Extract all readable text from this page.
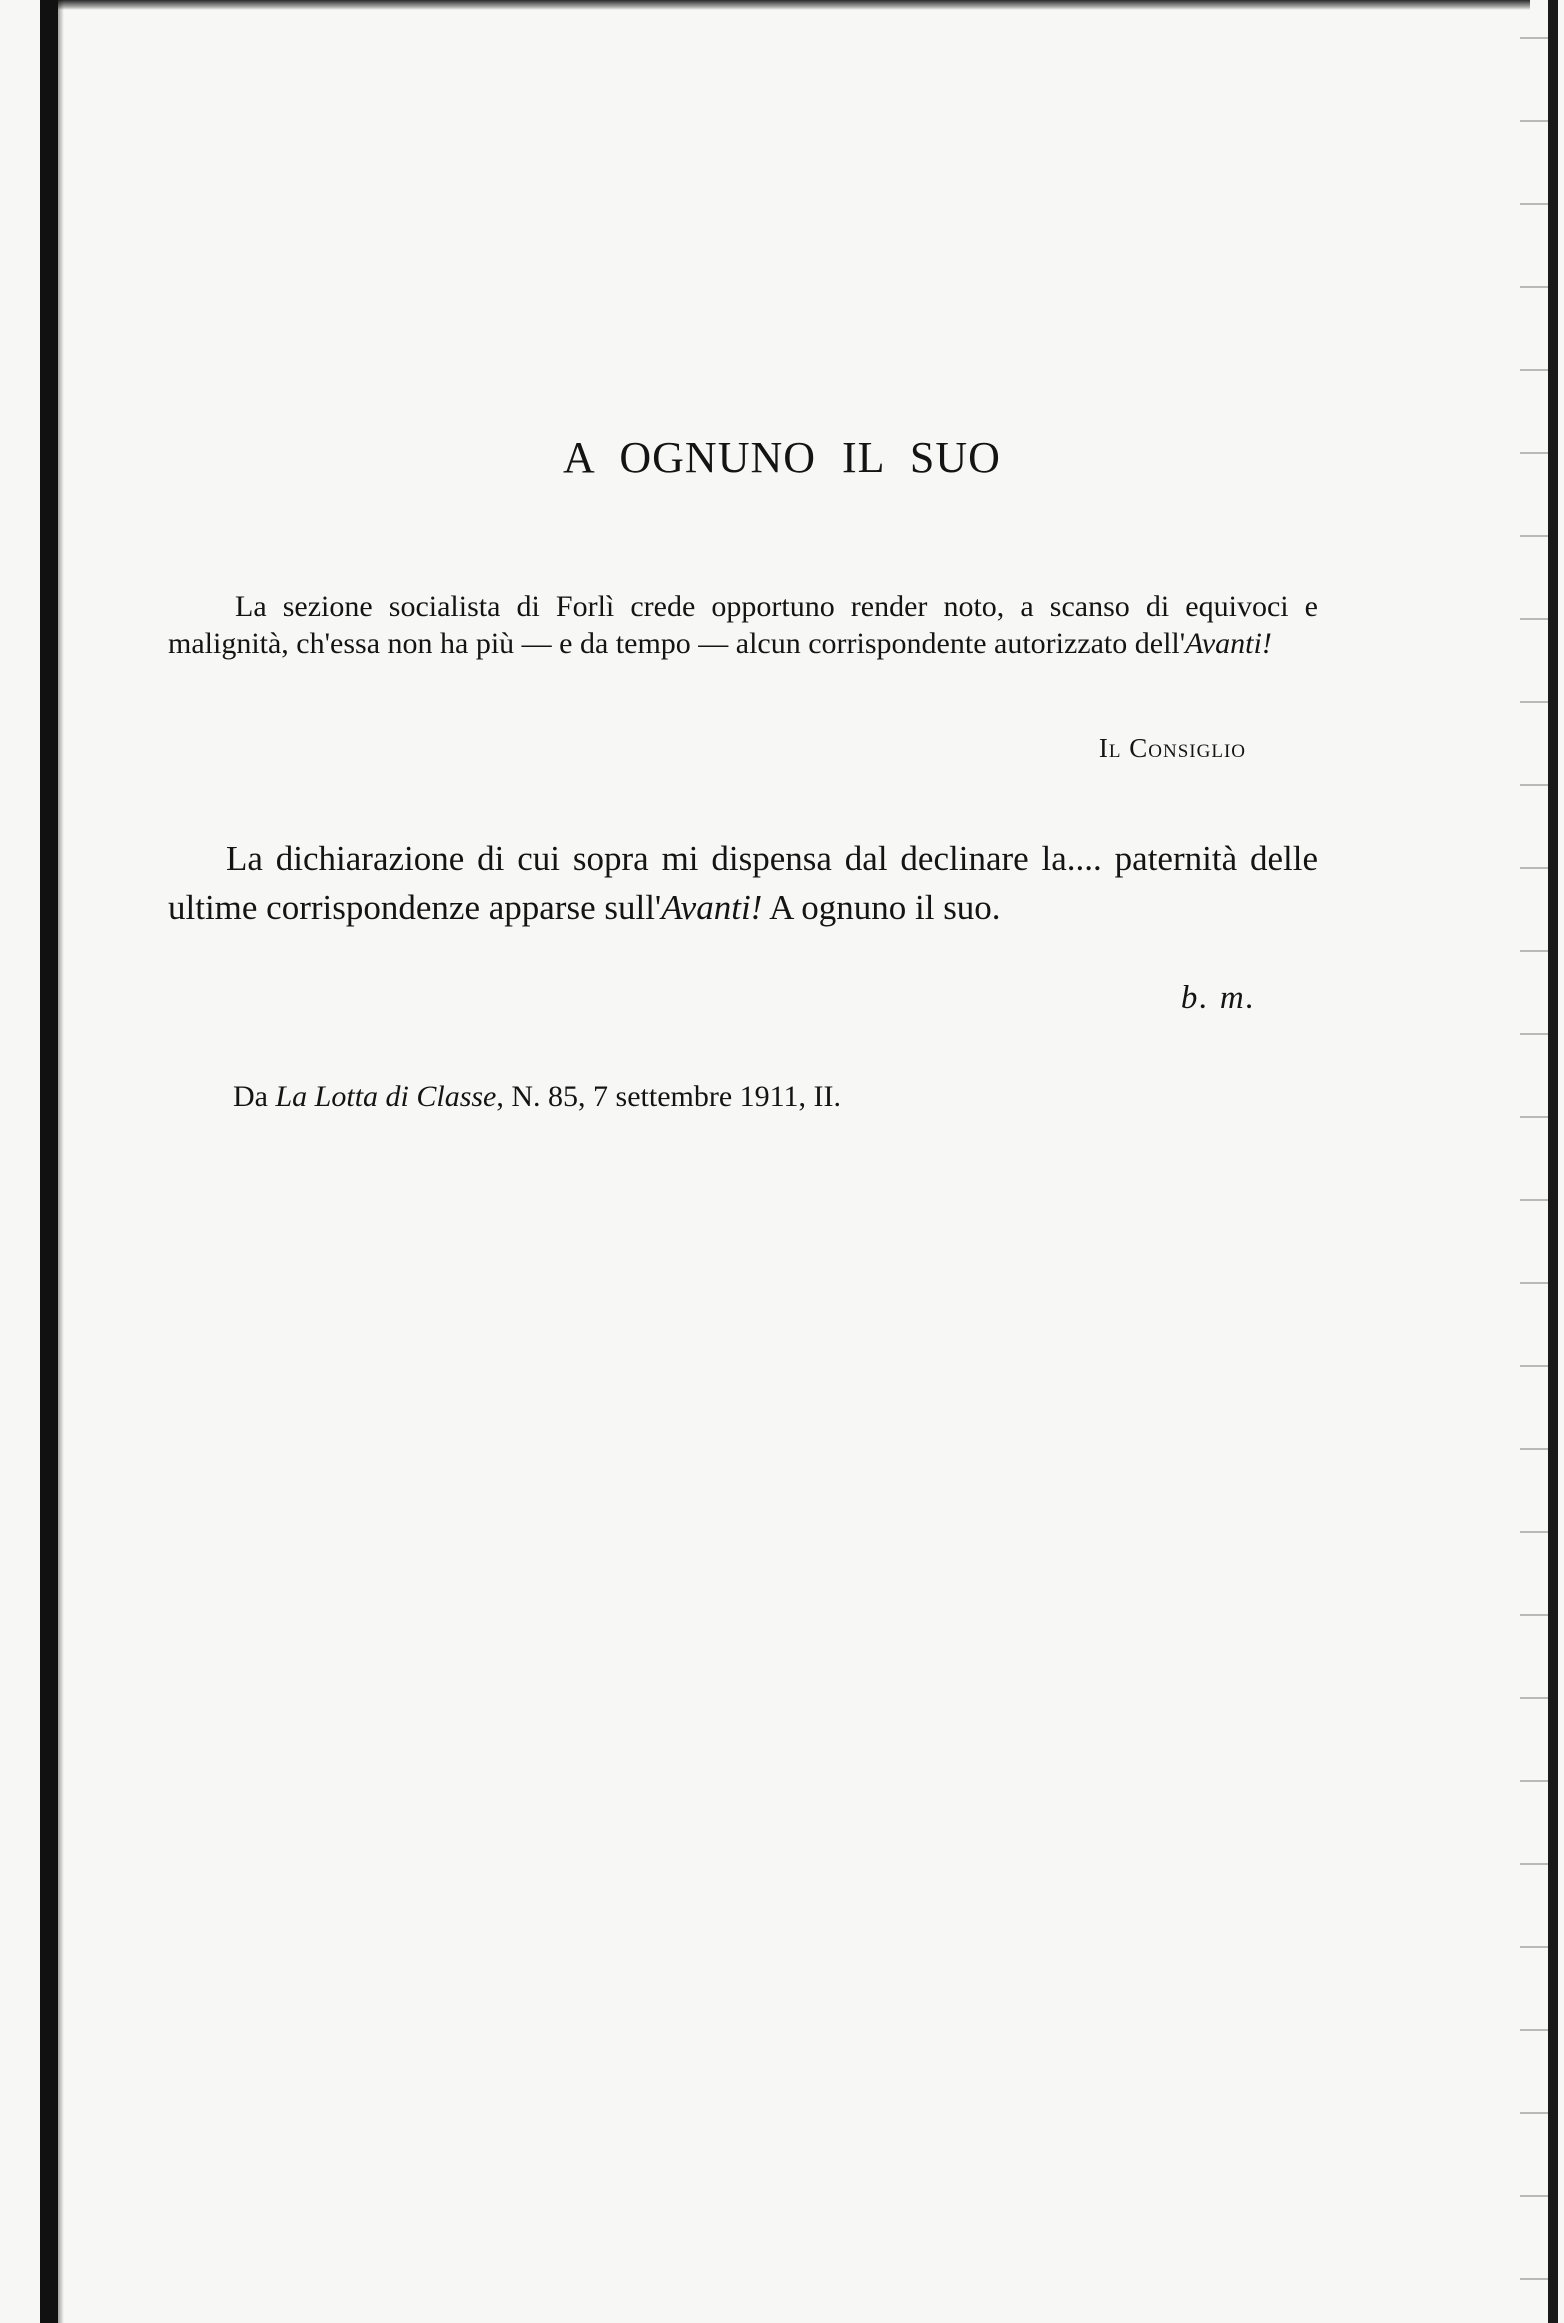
A OGNUNO IL SUO

La sezione socialista di Forlì crede opportuno render noto, a scanso di equivoci e malignità, ch'essa non ha più — e da tempo — alcun corrispondente autorizzato dell'Avanti!

Il Consiglio

La dichiarazione di cui sopra mi dispensa dal declinare la.... paternità delle ultime corrispondenze apparse sull'Avanti! A ognuno il suo.

b. m.

Da La Lotta di Classe, N. 85, 7 settembre 1911, II.
